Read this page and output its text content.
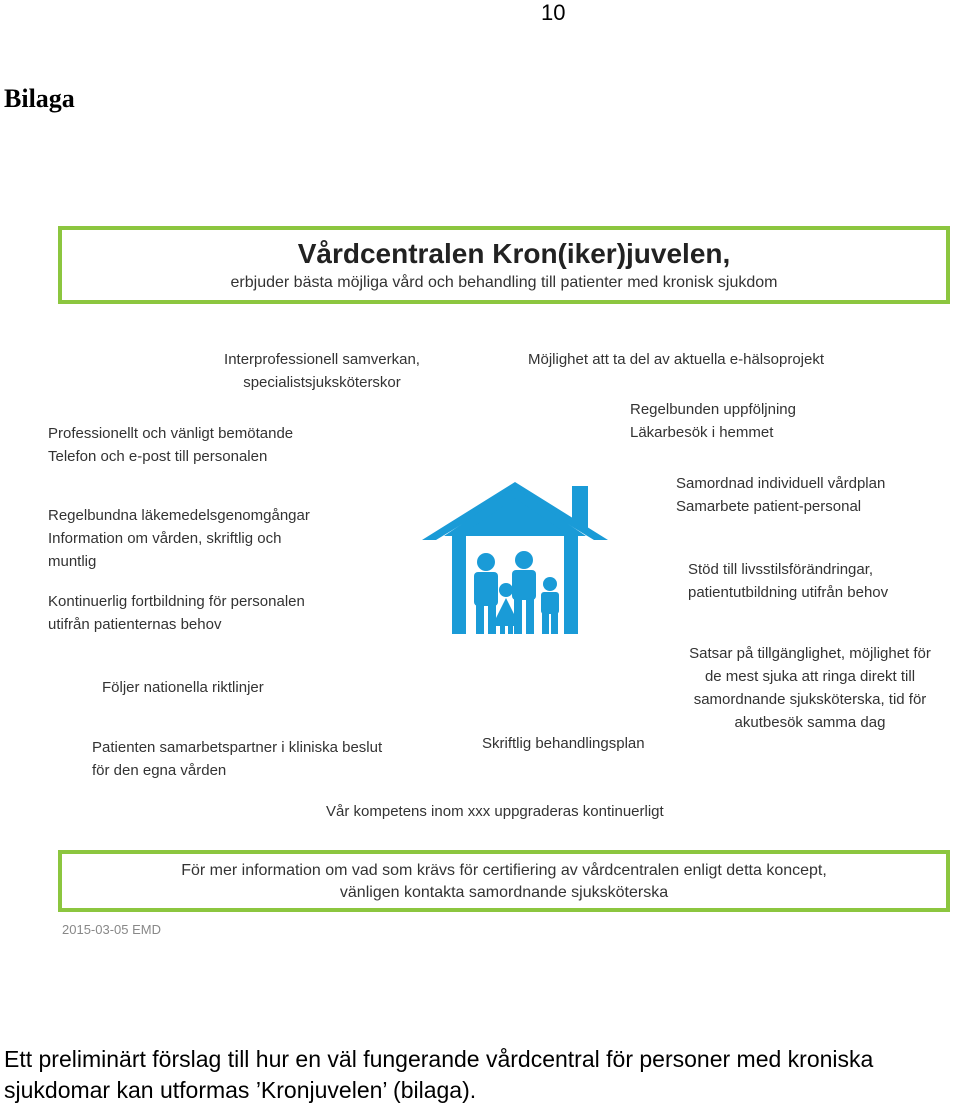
10
Bilaga
Vårdcentralen Kron(iker)juvelen,
erbjuder bästa möjliga vård och behandling till patienter med kronisk sjukdom
Interprofessionell samverkan,
specialistsjuksköterskor
Professionellt och vänligt bemötande
Telefon och e-post till personalen
Regelbundna läkemedelsgenomgångar
Information om vården, skriftlig och
muntlig
Kontinuerlig fortbildning för personalen
utifrån patienternas behov
Följer nationella riktlinjer
Patienten samarbetspartner i kliniska beslut
för den egna vården
Möjlighet att ta del av aktuella e-hälsoprojekt
Regelbunden uppföljning
Läkarbesök i hemmet
Samordnad individuell vårdplan
Samarbete patient-personal
Stöd till livsstilsförändringar,
patientutbildning utifrån behov
Satsar på tillgänglighet, möjlighet för
de mest sjuka att ringa direkt till
samordnande sjuksköterska, tid för
akutbesök samma dag
Skriftlig behandlingsplan
Vår kompetens inom xxx uppgraderas kontinuerligt
För mer information om vad som krävs för certifiering av vårdcentralen enligt detta koncept,
vänligen kontakta samordnande sjuksköterska
2015-03-05 EMD
Ett preliminärt förslag till hur en väl fungerande vårdcentral för personer med kroniska sjukdomar kan utformas ’Kronjuvelen’ (bilaga).
